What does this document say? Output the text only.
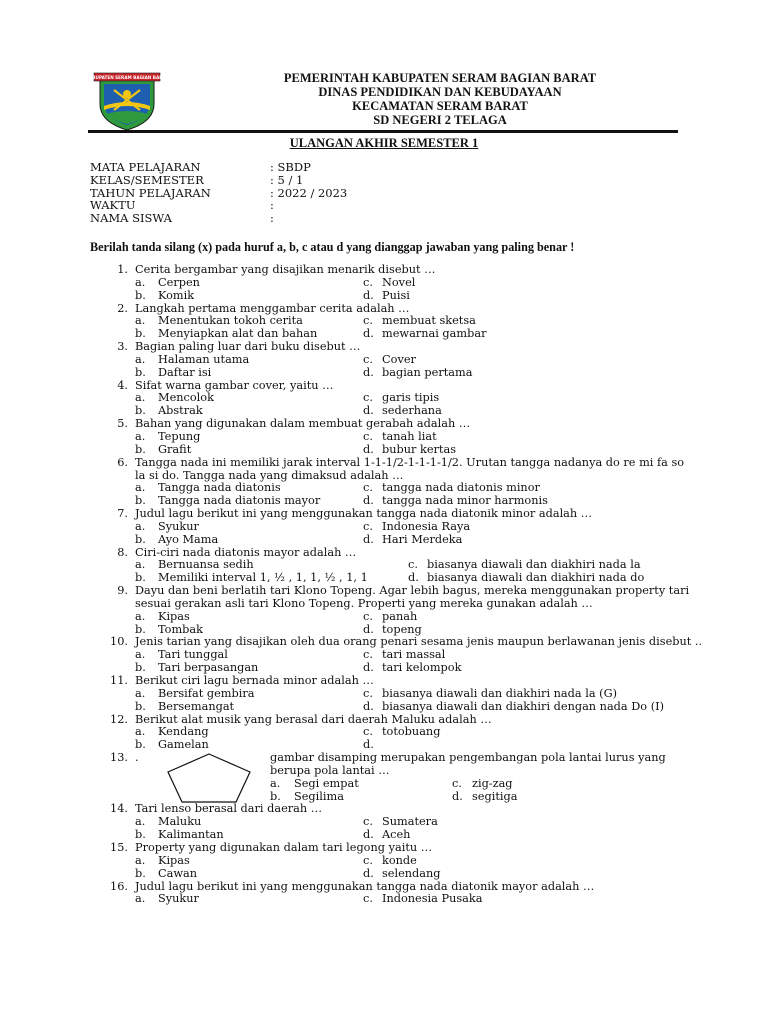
KABUPATEN SERAM BAGIAN BARAT	PEMERINTAH KABUPATEN SERAM BAGIAN BARAT
DINAS PENDIDIKAN DAN KEBUDAYAAN
KECAMATAN SERAM BARAT
SD NEGERI 2 TELAGA
ULANGAN AKHIR SEMESTER 1
MATA PELAJARAN	: SBDP
KELAS/SEMESTER	: 5 / 1
TAHUN PELAJARAN	: 2022 / 2023
WAKTU	:
NAMA SISWA	:
Berilah tanda silang (x) pada huruf a, b, c atau d yang dianggap jawaban yang paling benar !
1. Cerita bergambar yang disajikan menarik disebut …
a. Cerpen	c. Novel
b. Komik	d. Puisi
2. Langkah pertama menggambar cerita adalah …
a. Menentukan tokoh cerita	c. membuat sketsa
b. Menyiapkan alat dan bahan	d. mewarnai gambar
3. Bagian paling luar dari buku disebut …
a. Halaman utama	c. Cover
b. Daftar isi	d. bagian pertama
4. Sifat warna gambar cover, yaitu …
a. Mencolok	c. garis tipis
b. Abstrak	d. sederhana
5. Bahan yang digunakan dalam membuat gerabah adalah …
a. Tepung	c. tanah liat
b. Grafit	d. bubur kertas
6. Tangga nada ini memiliki jarak interval 1-1-1/2-1-1-1-1/2. Urutan tangga nadanya do re mi fa so
la si do. Tangga nada yang dimaksud adalah …
a. Tangga nada diatonis	c. tangga nada diatonis minor
b. Tangga nada diatonis mayor	d. tangga nada minor harmonis
7. Judul lagu berikut ini yang menggunakan tangga nada diatonik minor adalah …
a. Syukur	c. Indonesia Raya
b. Ayo Mama	d. Hari Merdeka
8. Ciri-ciri nada diatonis mayor adalah …
a. Bernuansa sedih	c. biasanya diawali dan diakhiri nada la
b. Memiliki interval 1, ½ , 1, 1, ½ , 1, 1	d. biasanya diawali dan diakhiri nada do
9. Dayu dan beni berlatih tari Klono Topeng. Agar lebih bagus, mereka menggunakan property tari
sesuai gerakan asli tari Klono Topeng. Properti yang mereka gunakan adalah …
a. Kipas	c. panah
b. Tombak	d. topeng
10. Jenis tarian yang disajikan oleh dua orang penari sesama jenis maupun berlawanan jenis disebut ..
a. Tari tunggal	c. tari massal
b. Tari berpasangan	d. tari kelompok
11. Berikut ciri lagu bernada minor adalah …
a. Bersifat gembira	c. biasanya diawali dan diakhiri nada la (G)
b. Bersemangat	d. biasanya diawali dan diakhiri dengan nada Do (I)
12. Berikut alat musik yang berasal dari daerah Maluku adalah …
a. Kendang	c. totobuang
b. Gamelan	d.
13. .	gambar disamping merupakan pengembangan pola lantai lurus yang
berupa pola lantai …
a. Segi empat	c. zig-zag
b. Segilima	d. segitiga
14. Tari lenso berasal dari daerah …
a. Maluku	c. Sumatera
b. Kalimantan	d. Aceh
15. Property yang digunakan dalam tari legong yaitu …
a. Kipas	c. konde
b. Cawan	d. selendang
16. Judul lagu berikut ini yang menggunakan tangga nada diatonik mayor adalah …
a. Syukur	c. Indonesia Pusaka
